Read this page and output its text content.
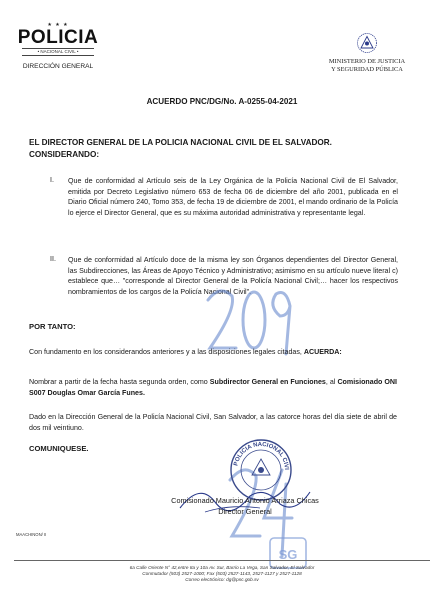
★ ★ ★
POLICIA
• NACIONAL CIVIL •
DIRECCIÓN GENERAL
MINISTERIO DE JUSTICIA
Y SEGURIDAD PÚBLICA
ACUERDO PNC/DG/No. A-0255-04-2021
EL DIRECTOR GENERAL DE LA POLICIA NACIONAL CIVIL DE EL SALVADOR.
CONSIDERANDO:
I. Que de conformidad al Artículo seis de la Ley Orgánica de la Policía Nacional Civil de El Salvador, emitida por Decreto Legislativo número 653 de fecha 06 de diciembre del año 2001, publicada en el Diario Oficial número 240, Tomo 353, de fecha 19 de diciembre de 2001, el mando ordinario de la Policía lo ejerce el Director General, que es su máxima autoridad administrativa y representante legal.
II. Que de conformidad al Artículo doce de la misma ley son Órganos dependientes del Director General, las Subdirecciones, las Áreas de Apoyo Técnico y Administrativo; asimismo en su artículo nueve literal c) establece que… "corresponde al Director General de la Policía Nacional Civil;… hacer los respectivos nombramientos de los cargos de la Policía Nacional Civil".
POR TANTO:
Con fundamento en los considerandos anteriores y a las disposiciones legales citadas, ACUERDA:
Nombrar a partir de la fecha hasta segunda orden, como Subdirector General en Funciones, al Comisionado ONI S007 Douglas Omar García Funes.
Dado en la Dirección General de la Policía Nacional Civil, San Salvador, a las catorce horas del día siete de abril de dos mil veintiuno.
COMUNIQUESE.
POLICIA NACIONAL CIVI
Comisionado Mauricio Antonio Arriaza Chicas
Director General
SG
MAACHINON/ II
6a Calle Oriente N° 42,entre 8a y 10a Av. Sur, Barrio La Vega, San Salvador, El Salvador
Conmutador (503) 2527-1000; Fax (503) 2527-1143, 2527-1127 y 2527-1128
Correo electrónico: dg@pnc.gob.sv
